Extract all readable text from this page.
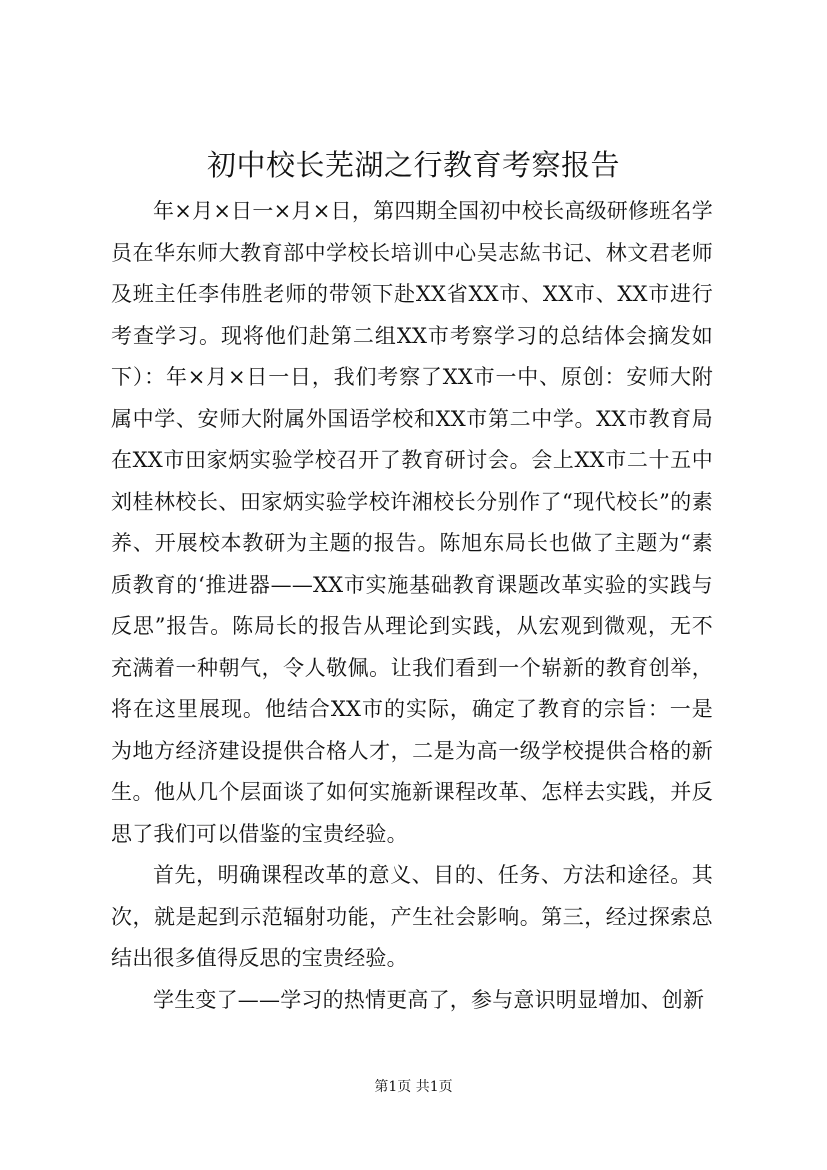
初中校长芜湖之行教育考察报告

年×月×日一×月×日，第四期全国初中校长高级研修班名学员在华东师大教育部中学校长培训中心吴志紘书记、林文君老师及班主任李伟胜老师的带领下赴XX省XX市、XX市、XX市进行考查学习。现将他们赴第二组XX市考察学习的总结体会摘发如下）：年×月×日一日，我们考察了XX市一中、原创：安师大附属中学、安师大附属外国语学校和XX市第二中学。XX市教育局在XX市田家炳实验学校召开了教育研讨会。会上XX市二十五中刘桂林校长、田家炳实验学校许湘校长分别作了“现代校长”的素养、开展校本教研为主题的报告。陈旭东局长也做了主题为“素质教育的‘推进器——XX市实施基础教育课题改革实验的实践与反思”报告。陈局长的报告从理论到实践，从宏观到微观，无不充满着一种朝气，令人敬佩。让我们看到一个崭新的教育创举，将在这里展现。他结合XX市的实际，确定了教育的宗旨：一是为地方经济建设提供合格人才，二是为高一级学校提供合格的新生。他从几个层面谈了如何实施新课程改革、怎样去实践，并反思了我们可以借鉴的宝贵经验。

首先，明确课程改革的意义、目的、任务、方法和途径。其次，就是起到示范辐射功能，产生社会影响。第三，经过探索总结出很多值得反思的宝贵经验。

学生变了——学习的热情更高了，参与意识明显增加、创新

第1页 共1页
